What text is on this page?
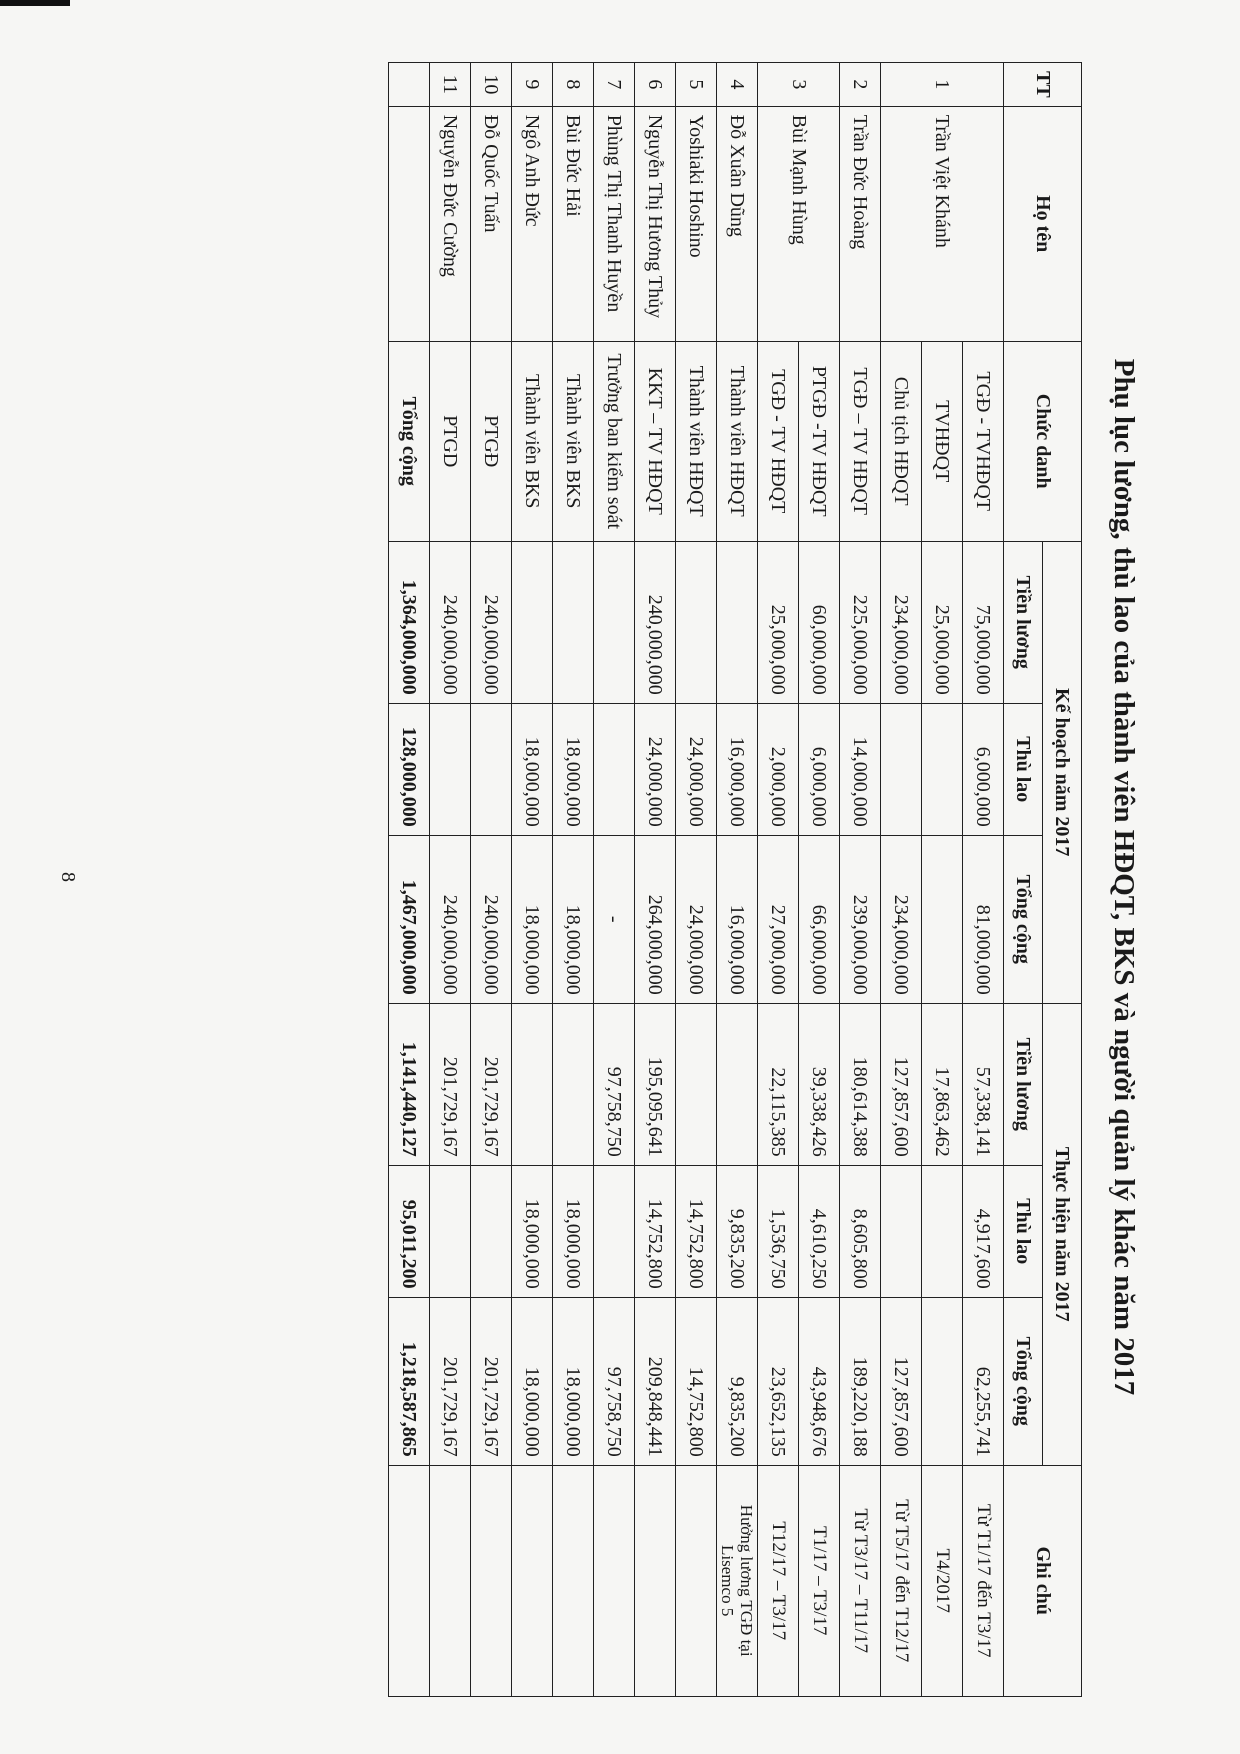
Phụ lục lương, thù lao của thành viên HĐQT, BKS và người quản lý khác năm 2017
TT	Họ tên	Chức danh	Kế hoạch năm 2017			Thực hiện năm 2017			Ghi chú
			Tiền lương	Thù lao	Tổng cộng	Tiền lương	Thù lao	Tổng cộng	
1	Trần Việt Khánh	TGĐ - TVHĐQT	75,000,000	6,000,000	81,000,000	57,338,141	4,917,600	62,255,741	Từ T1/17 đến T3/17
		TVHĐQT	25,000,000			17,863,462			T4/2017
		Chủ tịch HĐQT	234,000,000		234,000,000	127,857,600		127,857,600	Từ T5/17 đến T12/17
2	Trần Đức Hoàng	TGĐ – TV HĐQT	225,000,000	14,000,000	239,000,000	180,614,388	8,605,800	189,220,188	Từ T3/17 – T11/17
3	Bùi Mạnh Hùng	PTGĐ -TV HĐQT	60,000,000	6,000,000	66,000,000	39,338,426	4,610,250	43,948,676	T1/17 – T3/17
		TGĐ - TV HĐQT	25,000,000	2,000,000	27,000,000	22,115,385	1,536,750	23,652,135	T12/17 – T3/17
4	Đỗ Xuân Dũng	Thành viên HĐQT		16,000,000	16,000,000		9,835,200	9,835,200	Hưởng lương TGĐ tại Lisemco 5
5	Yoshiaki Hoshino	Thành viên HĐQT		24,000,000	24,000,000		14,752,800	14,752,800	
6	Nguyễn Thị Hương Thủy	KKT – TV HĐQT	240,000,000	24,000,000	264,000,000	195,095,641	14,752,800	209,848,441	
7	Phùng Thị Thanh Huyền	Trưởng ban kiểm soát			-	97,758,750		97,758,750	
8	Bùi Đức Hải	Thành viên BKS		18,000,000	18,000,000		18,000,000	18,000,000	
9	Ngô Anh Đức	Thành viên BKS		18,000,000	18,000,000		18,000,000	18,000,000	
10	Đỗ Quốc Tuấn	PTGĐ	240,000,000		240,000,000	201,729,167		201,729,167	
11	Nguyễn Đức Cường	PTGD	240,000,000		240,000,000	201,729,167		201,729,167	
		Tổng cộng	1,364,000,000	128,000,000	1,467,000,000	1,141,440,127	95,011,200	1,218,587,865	
8
